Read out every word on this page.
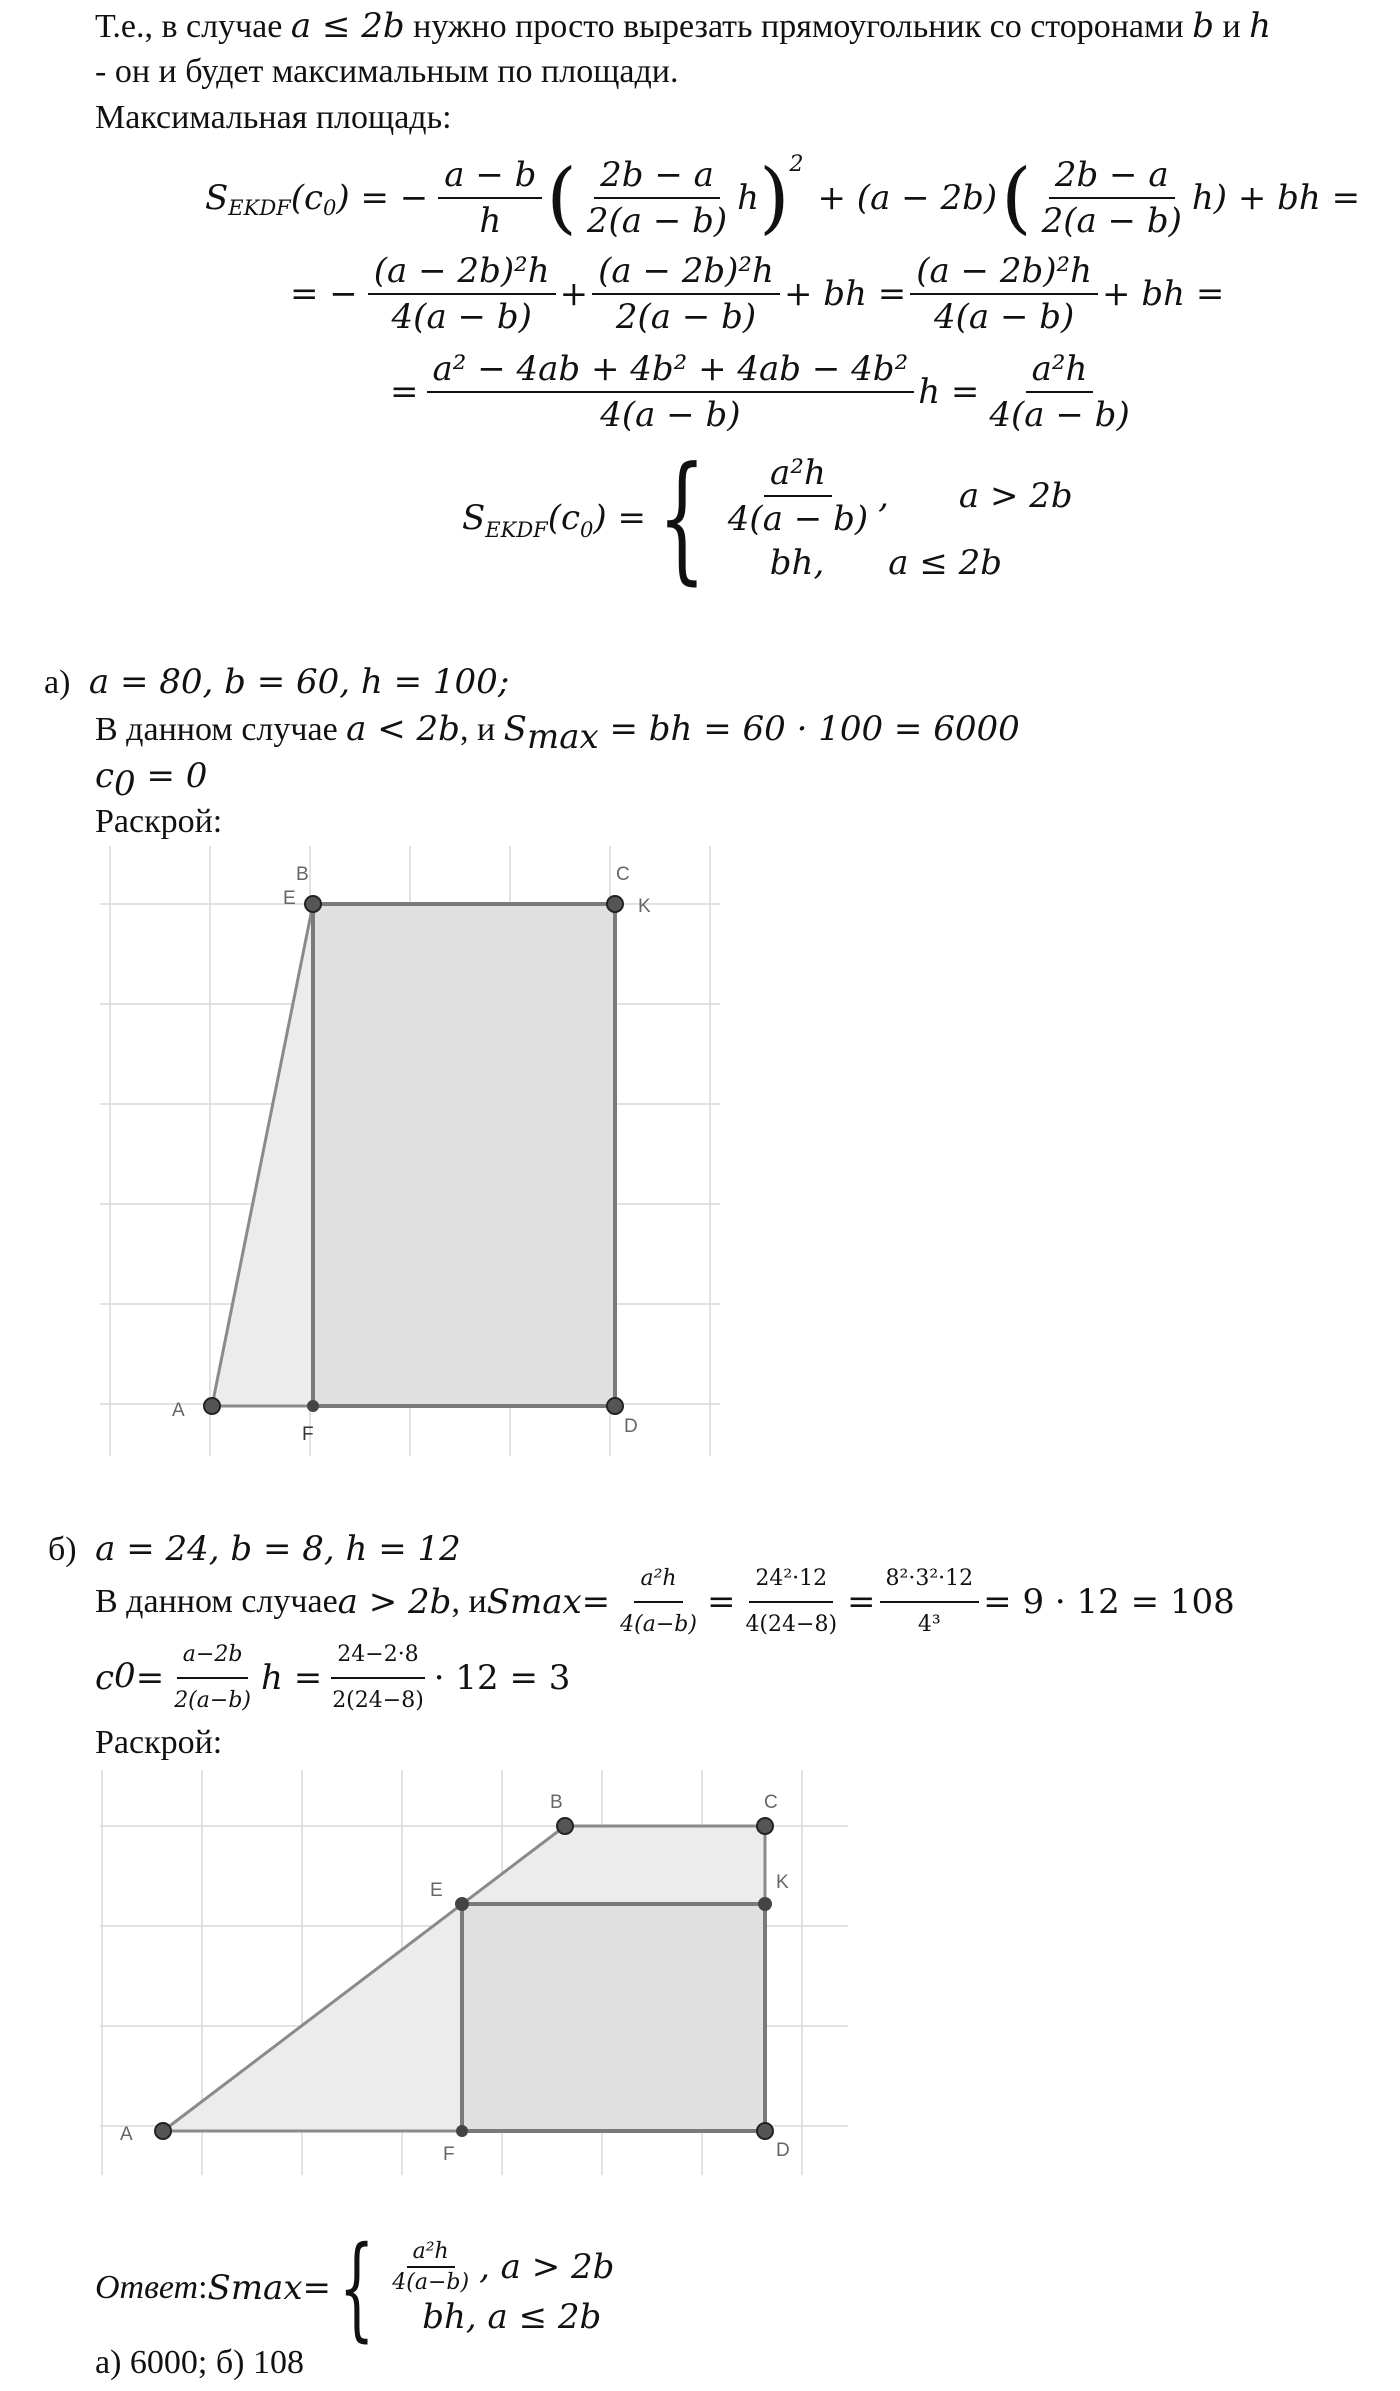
Т.е., в случае a ≤ 2b нужно просто вырезать прямоугольник со сторонами b и h
- он и будет максимальным по площади.
Максимальная площадь:
S EKDF (c 0 ) = − $\frac{a - b}{h}$ ( $\frac{2b - a}{2(a - b)}$ h ) 2
+ (a − 2b) ( $\frac{2b - a}{2(a - b)} h$) + bh =
= − $\frac{\text{(a − 2b)²h}}{4(a - b)} + \frac{\text{(a − 2b)²h}}{2(a - b)}$ + bh = $\frac{\text{(a − 2b)²h}}{4(a - b)}$ + bh =
= $\frac{\text{a² − 4ab + 4b² + 4ab − 4b²}}{4(a - b)}$ $h = \frac{\text{a²h}}{4(a - b)}$
S EKDF (c 0 ) = { $\frac{\text{a²h}}{4(a - b)}$ , a > 2b
bh, a ≤ 2b
а) a = 80, b = 60, h = 100;
В данном случае a < 2b, и $S_{max}$ = bh = 60 · 100 = 6000
$c_0 = 0$
Раскрой:
B
E
C
K
A
F	D
б) a = 24, b = 8, h = 12
В данном случае a > 2b , и S $\max = \frac{\text{a²h}}{4(a-b)} = \frac{\text{24²·12}}{4(24-8)} = \frac{\text{8²·3²·12}}{\text{4³}} = 9 \cdot 12 = 108$
c $0 = \frac{a-2b}{2(a-b)}$ $h = \frac{24-2\cdot 8}{2(24-8)} \cdot 12 = 3$
Раскрой:
B	C
E	K
A
F	D
Ответ : S max = { $\frac{\text{a²h}}{4(a-b)}$ , a > 2b
bh, a ≤ 2b
а) 6000; б) 108
